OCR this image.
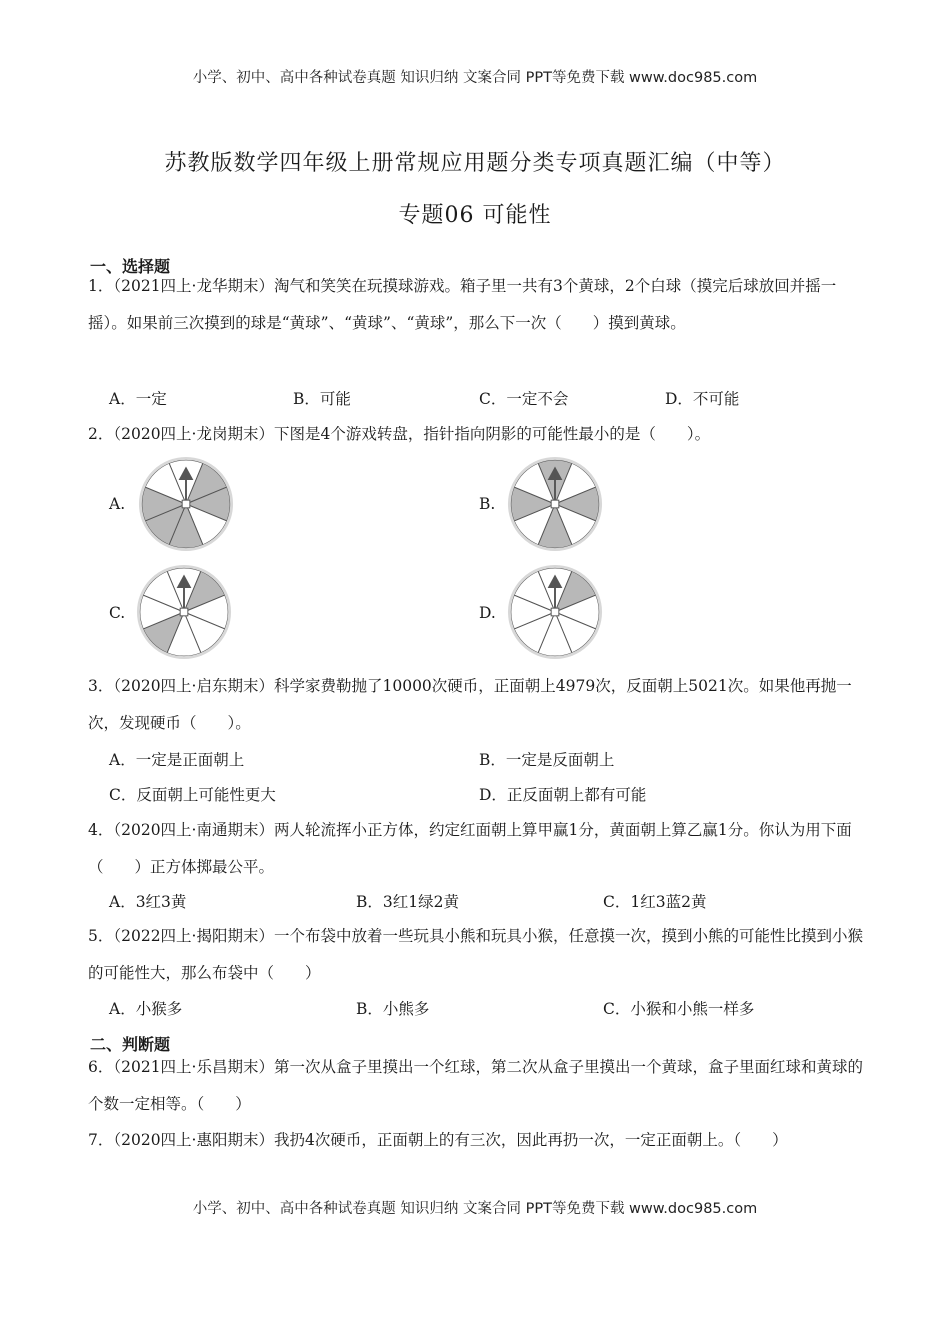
小学、初中、高中各种试卷真题 知识归纳 文案合同 PPT等免费下载 www.doc985.com
苏教版数学四年级上册常规应用题分类专项真题汇编（中等）
专题06 可能性
一、选择题
1．（2021四上·龙华期末）淘气和笑笑在玩摸球游戏。箱子里一共有3个黄球，2个白球（摸完后球放回并摇一摇）。如果前三次摸到的球是“黄球”、“黄球”、“黄球”，那么下一次（　　）摸到黄球。
A．一定	B．可能	C．一定不会	D．不可能
2．（2020四上·龙岗期末）下图是4个游戏转盘，指针指向阴影的可能性最小的是（　　）。
A.	B.
C.	D.
3．（2020四上·启东期末）科学家费勒抛了10000次硬币，正面朝上4979次，反面朝上5021次。如果他再抛一次，发现硬币（　　）。
A．一定是正面朝上	B．一定是反面朝上
C．反面朝上可能性更大	D．正反面朝上都有可能
4．（2020四上·南通期末）两人轮流挥小正方体，约定红面朝上算甲赢1分，黄面朝上算乙赢1分。你认为用下面（　　）正方体掷最公平。
A．3红3黄	B．3红1绿2黄	C．1红3蓝2黄
5．（2022四上·揭阳期末）一个布袋中放着一些玩具小熊和玩具小猴，任意摸一次，摸到小熊的可能性比摸到小猴的可能性大，那么布袋中（　　）
A．小猴多	B．小熊多	C．小猴和小熊一样多
二、判断题
6．（2021四上·乐昌期末）第一次从盒子里摸出一个红球，第二次从盒子里摸出一个黄球，盒子里面红球和黄球的个数一定相等。（　　）
7．（2020四上·惠阳期末）我扔4次硬币，正面朝上的有三次，因此再扔一次，一定正面朝上。（　　）
小学、初中、高中各种试卷真题 知识归纳 文案合同 PPT等免费下载 www.doc985.com
